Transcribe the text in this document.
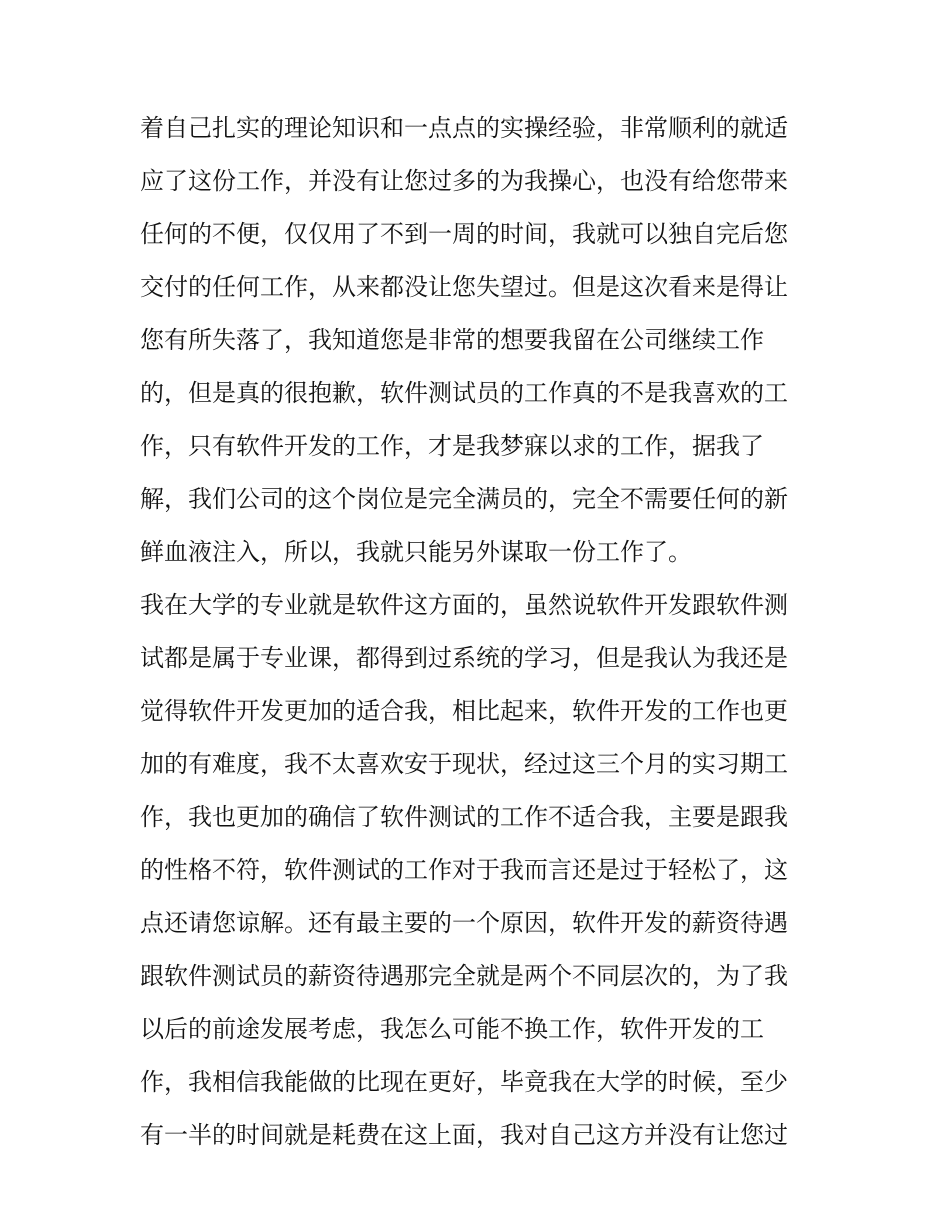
着自己扎实的理论知识和一点点的实操经验，非常顺利的就适
应了这份工作，并没有让您过多的为我操心，也没有给您带来
任何的不便，仅仅用了不到一周的时间，我就可以独自完后您
交付的任何工作，从来都没让您失望过。但是这次看来是得让
您有所失落了，我知道您是非常的想要我留在公司继续工作
的，但是真的很抱歉，软件测试员的工作真的不是我喜欢的工
作，只有软件开发的工作，才是我梦寐以求的工作，据我了
解，我们公司的这个岗位是完全满员的，完全不需要任何的新
鲜血液注入，所以，我就只能另外谋取一份工作了。
我在大学的专业就是软件这方面的，虽然说软件开发跟软件测
试都是属于专业课，都得到过系统的学习，但是我认为我还是
觉得软件开发更加的适合我，相比起来，软件开发的工作也更
加的有难度，我不太喜欢安于现状，经过这三个月的实习期工
作，我也更加的确信了软件测试的工作不适合我，主要是跟我
的性格不符，软件测试的工作对于我而言还是过于轻松了，这
点还请您谅解。还有最主要的一个原因，软件开发的薪资待遇
跟软件测试员的薪资待遇那完全就是两个不同层次的，为了我
以后的前途发展考虑，我怎么可能不换工作，软件开发的工
作，我相信我能做的比现在更好，毕竟我在大学的时候，至少
有一半的时间就是耗费在这上面，我对自己这方并没有让您过
